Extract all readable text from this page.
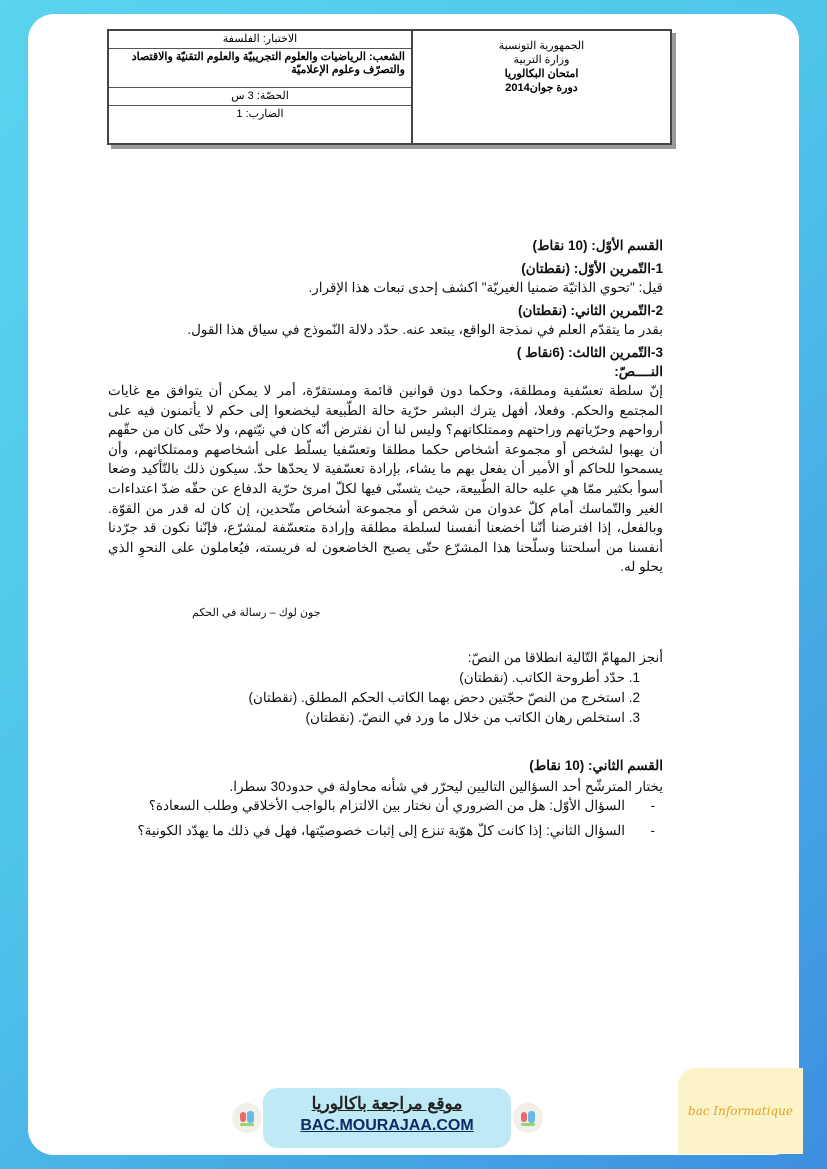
الاختبار: الفلسفة
الشعب: الرياضيات والعلوم التجريبيّة والعلوم التقنيّة والاقتصاد والتصرّف وعلوم الإعلاميّة
الحصّة: 3 س
الضارب: 1
الجمهورية التونسية
وزارة التربية
امتحان البكالوريا
دورة جوان2014
القسم الأوّل: (10 نقاط)
1-التّمرين الأوّل: (نقطتان)
قيل: "تحوي الذاتيّة ضمنيا الغيريّة" اكشف إحدى تبعات هذا الإقرار.
2-التّمرين الثاني: (نقطتان)
بقدر ما يتقدّم العلم في نمذجة الواقع، يبتعد عنه. حدّد دلالة النّموذج في سياق هذا القول.
3-التّمرين الثالث: (6نقاط )
النــــصّ:
إنّ سلطة تعسّفية ومطلقة، وحكما دون قوانين قائمة ومستقرّة، أمر لا يمكن أن يتوافق مع غايات المجتمع والحكم. وفعلا، أفهل يترك البشر حرّية حالة الطّبيعة ليخضعوا إلى حكم لا يأتمنون فيه على أرواحهم وحرّياتهم وراحتهم وممتلكاتهم؟ وليس لنا أن نفترض أنّه كان في نيّتهم، ولا حتّى كان من حقّهم أن يهبوا لشخص أو مجموعة أشخاص حكما مطلقا وتعسّفيا يسلّط على أشخاصهم وممتلكاتهم، وأن يسمحوا للحاكم أو الأمير أن يفعل بهم ما يشاء، بإرادة تعسّفية لا يحدّها حدّ. سيكون ذلك بالتّأكيد وضعا أسوأ بكثير ممّا هي عليه حالة الطّبيعة، حيث يتسنّى فيها لكلّ امرئ حرّية الدفاع عن حقّه ضدّ اعتداءات الغير والتّماسك أمام كلّ عدوان من شخص أو مجموعة أشخاص متّحدين، إن كان له قدر من القوّة. وبالفعل، إذا افترضنا أنّنا أخضعنا أنفسنا لسلطة مطلقة وإرادة متعسّفة لمشرّع، فإنّنا نكون قد جرّدنا أنفسنا من أسلحتنا وسلّحنا هذا المشرّع حتّى يصبح الخاضعون له فريسته، فيُعاملون على النحوِ الذي يحلو له.
جون لوك – رسالة في الحكم
أنجز المهامّ التّالية انطلاقا من النصّ:
1. حدّد أطروحة الكاتب. (نقطتان)
2. استخرج من النصّ حجّتين دحض بهما الكاتب الحكم المطلق. (نقطتان)
3. استخلص رهان الكاتب من خلال ما ورد في النصّ. (نقطتان)
القسم الثاني: (10 نقاط)
يختار المترشّح أحد السؤالين التاليين ليحرّر في شأنه محاولة في حدود30 سطرا.
- السؤال الأوّل: هل من الضروري أن نختار بين الالتزام بالواجب الأخلاقي وطلب السعادة؟
- السؤال الثاني: إذا كانت كلّ هوّية تنزع إلى إثبات خصوصيّتها، فهل في ذلك ما يهدّد الكونية؟
موقع مراجعة باكالوريا
BAC.MOURAJAA.COM
bac Informatique
